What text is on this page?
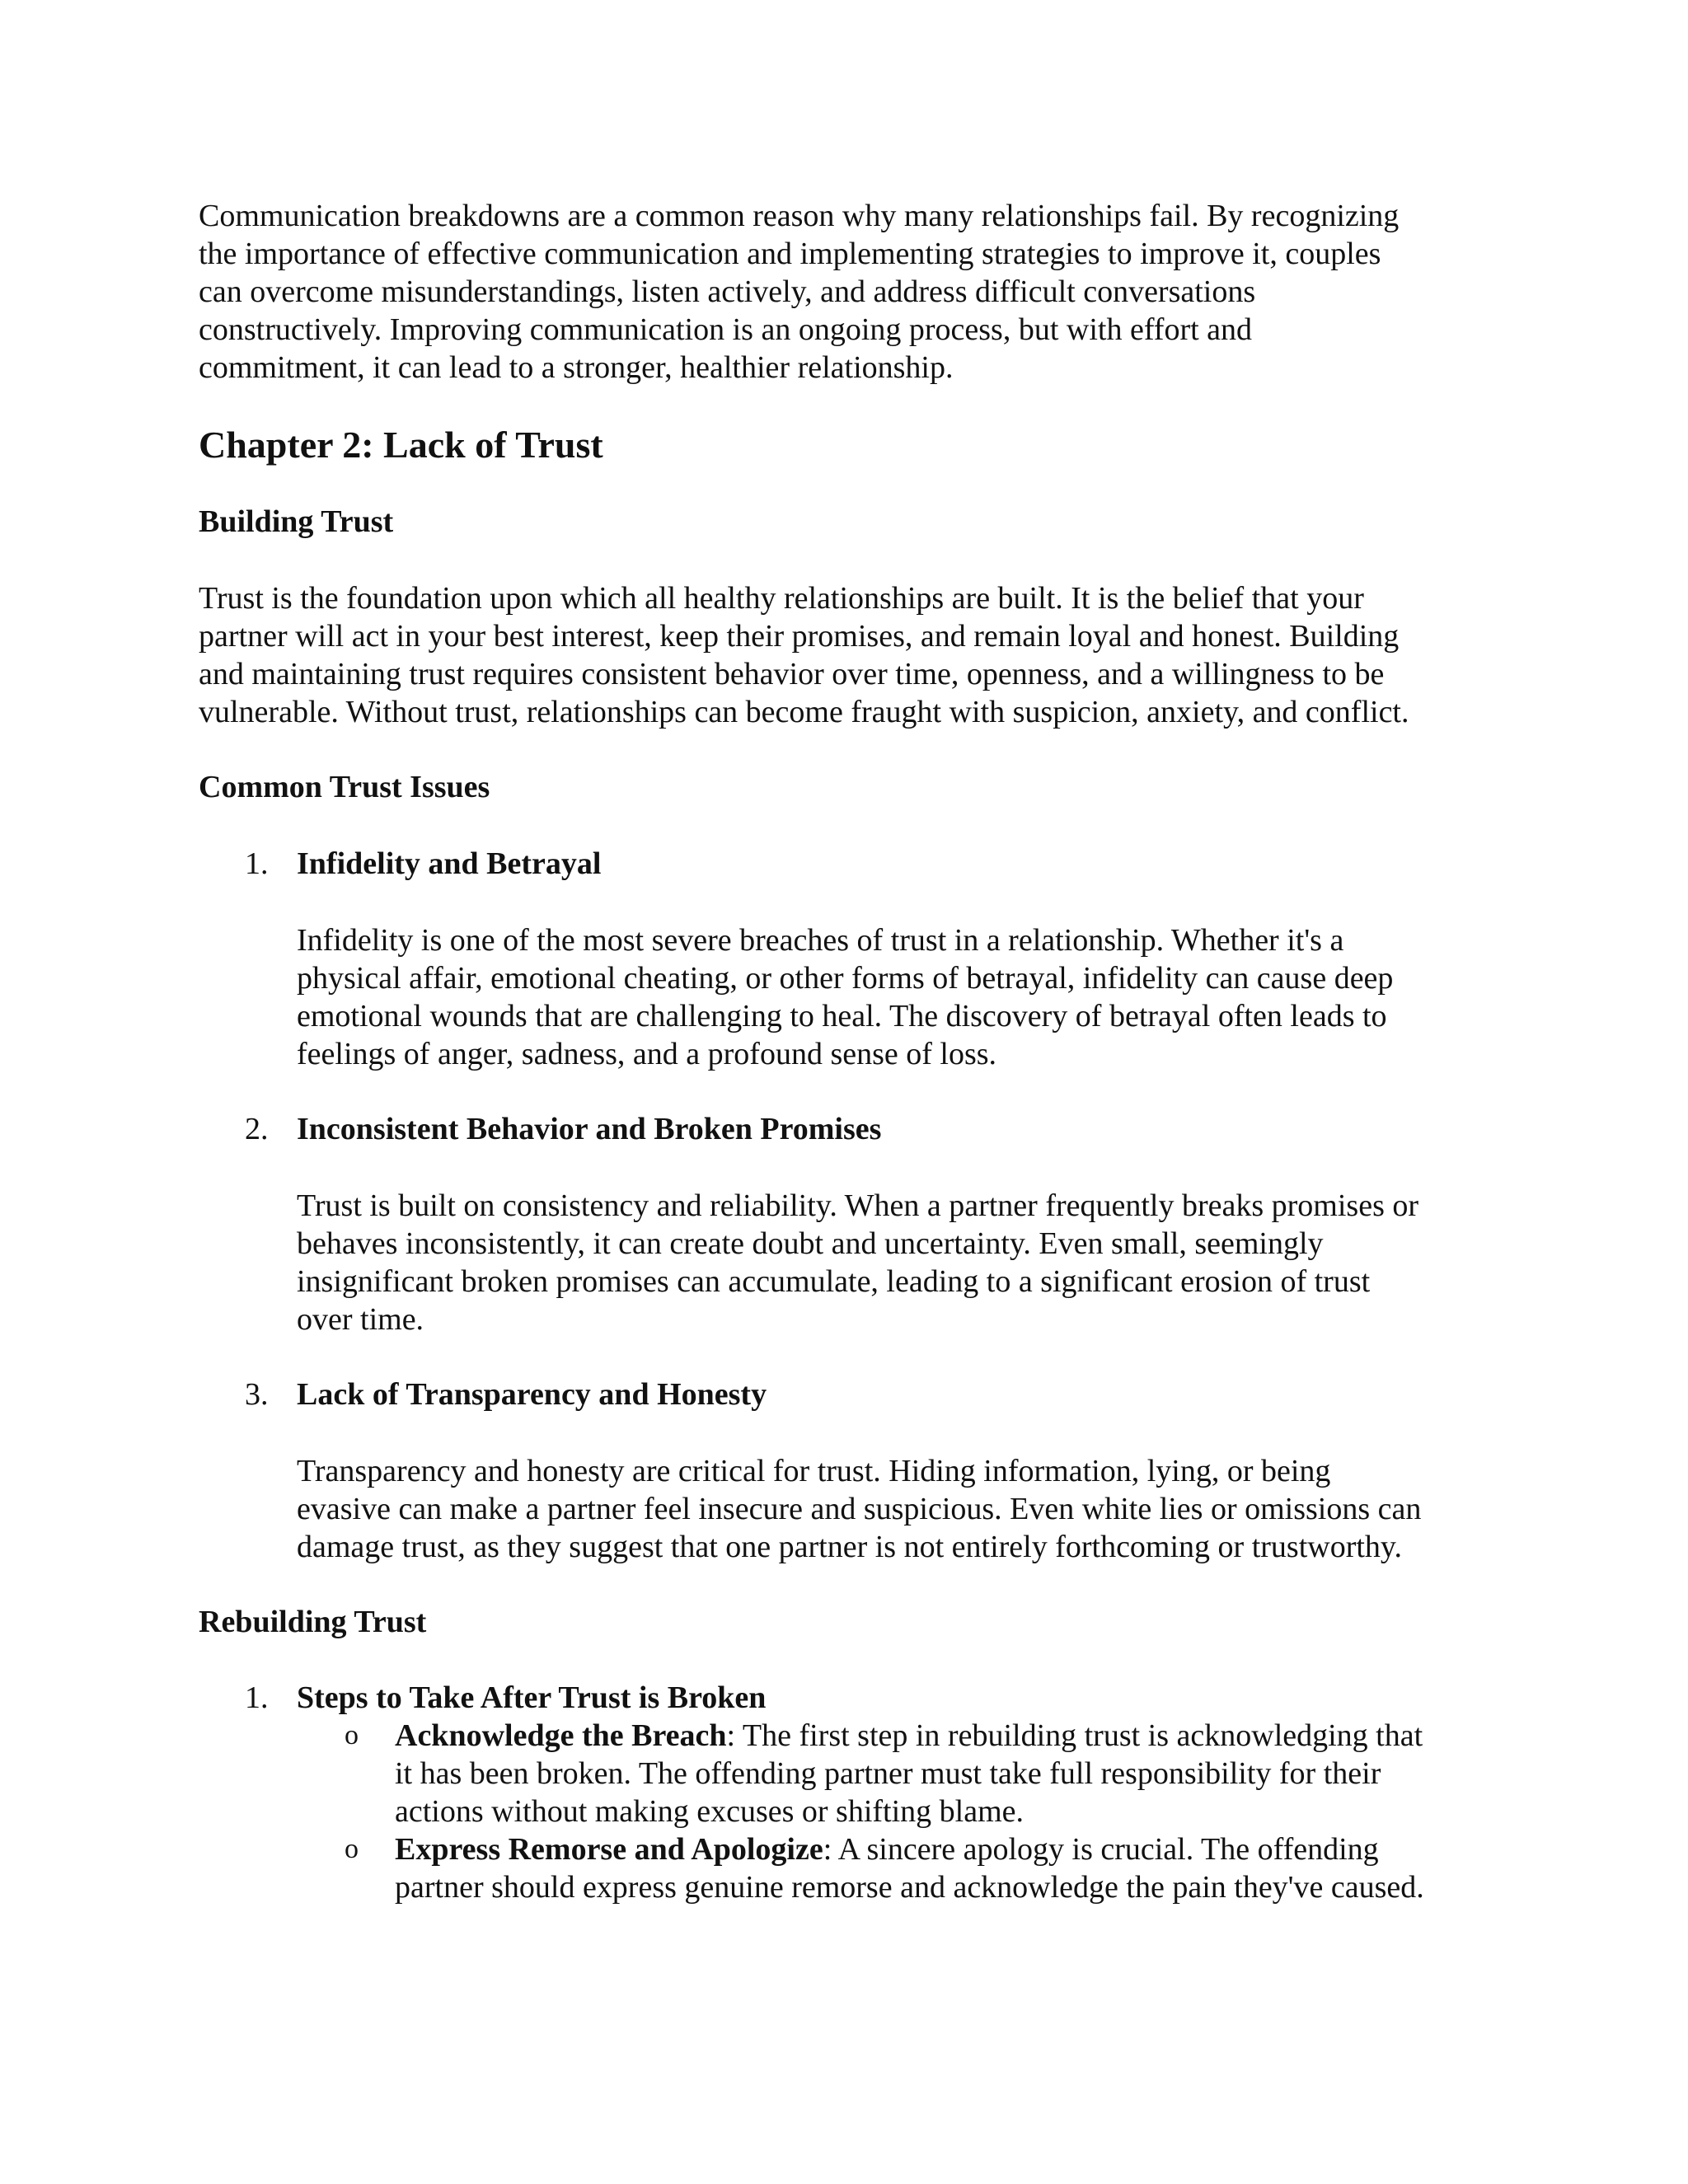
Communication breakdowns are a common reason why many relationships fail. By recognizing
the importance of effective communication and implementing strategies to improve it, couples
can overcome misunderstandings, listen actively, and address difficult conversations
constructively. Improving communication is an ongoing process, but with effort and
commitment, it can lead to a stronger, healthier relationship.

Chapter 2: Lack of Trust
Building Trust

Trust is the foundation upon which all healthy relationships are built. It is the belief that your
partner will act in your best interest, keep their promises, and remain loyal and honest. Building
and maintaining trust requires consistent behavior over time, openness, and a willingness to be
vulnerable. Without trust, relationships can become fraught with suspicion, anxiety, and conflict.

Common Trust Issues
1. Infidelity and Betrayal

Infidelity is one of the most severe breaches of trust in a relationship. Whether it's a
physical affair, emotional cheating, or other forms of betrayal, infidelity can cause deep
emotional wounds that are challenging to heal. The discovery of betrayal often leads to
feelings of anger, sadness, and a profound sense of loss.

2. Inconsistent Behavior and Broken Promises

Trust is built on consistency and reliability. When a partner frequently breaks promises or
behaves inconsistently, it can create doubt and uncertainty. Even small, seemingly
insignificant broken promises can accumulate, leading to a significant erosion of trust
over time.

3. Lack of Transparency and Honesty

Transparency and honesty are critical for trust. Hiding information, lying, or being
evasive can make a partner feel insecure and suspicious. Even white lies or omissions can
damage trust, as they suggest that one partner is not entirely forthcoming or trustworthy.

Rebuilding Trust
1. Steps to Take After Trust is Broken
o Acknowledge the Breach: The first step in rebuilding trust is acknowledging that
it has been broken. The offending partner must take full responsibility for their
actions without making excuses or shifting blame.

o Express Remorse and Apologize: A sincere apology is crucial. The offending
partner should express genuine remorse and acknowledge the pain they've caused.
